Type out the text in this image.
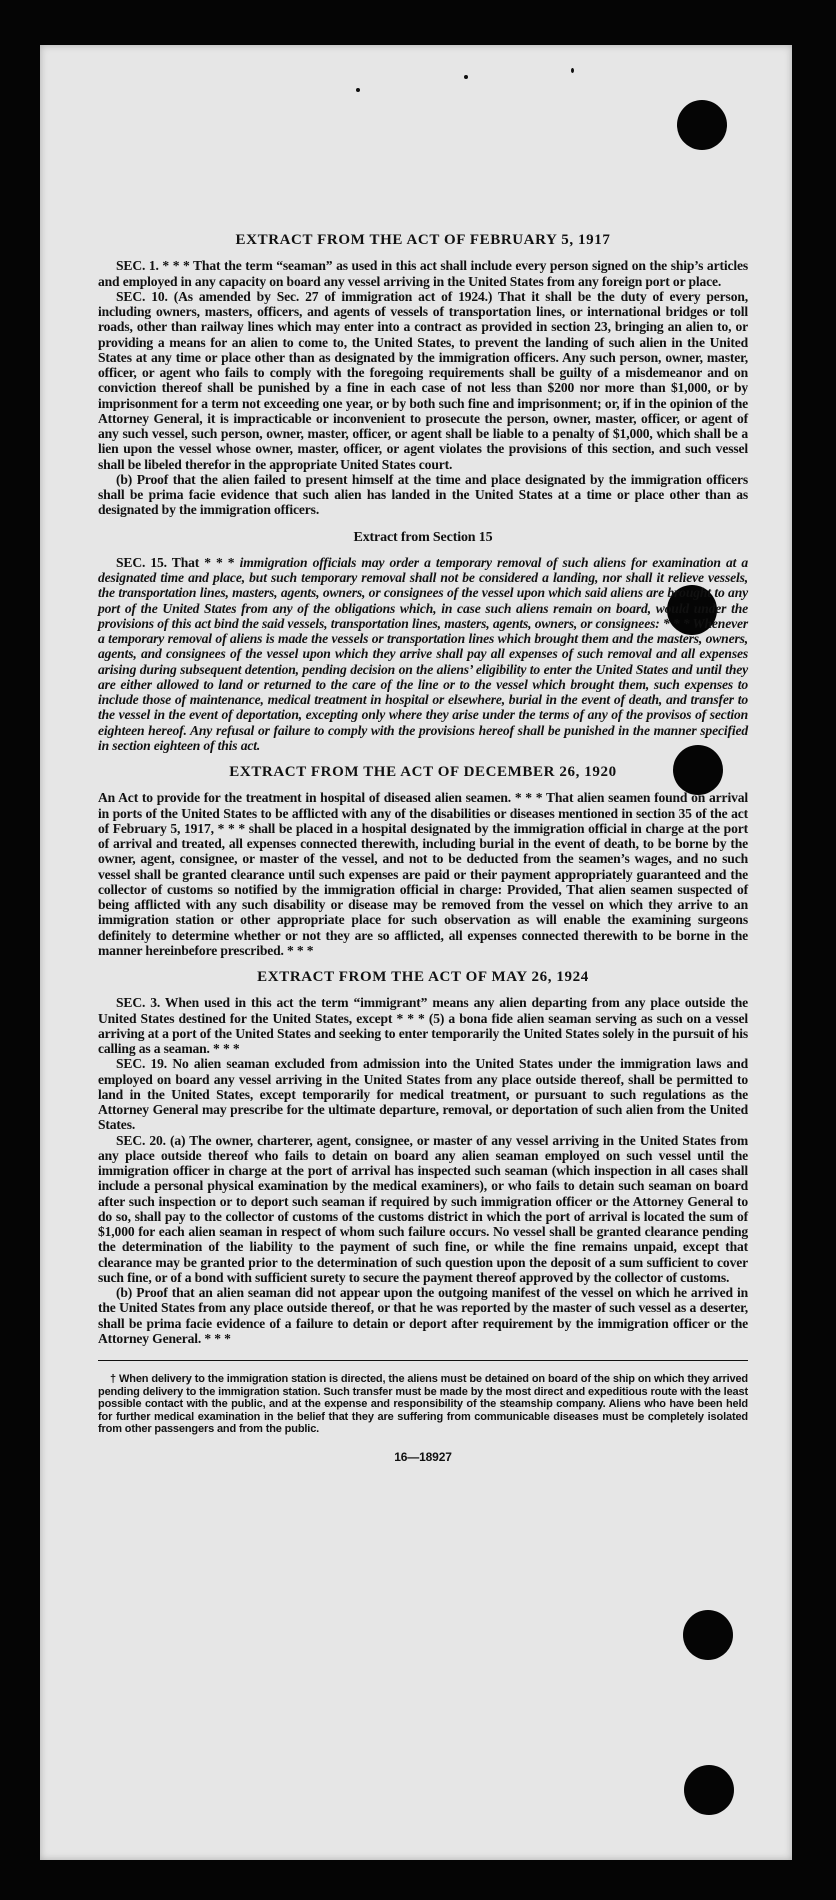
EXTRACT FROM THE ACT OF FEBRUARY 5, 1917

SEC. 1. * * * That the term “seaman” as used in this act shall include every person signed on the ship’s articles and employed in any capacity on board any vessel arriving in the United States from any foreign port or place.

SEC. 10. (As amended by Sec. 27 of immigration act of 1924.) That it shall be the duty of every person, including owners, masters, officers, and agents of vessels of transportation lines, or international bridges or toll roads, other than railway lines which may enter into a contract as provided in section 23, bringing an alien to, or providing a means for an alien to come to, the United States, to prevent the landing of such alien in the United States at any time or place other than as designated by the immigration officers. Any such person, owner, master, officer, or agent who fails to comply with the foregoing requirements shall be guilty of a misdemeanor and on conviction thereof shall be punished by a fine in each case of not less than $200 nor more than $1,000, or by imprisonment for a term not exceeding one year, or by both such fine and imprisonment; or, if in the opinion of the Attorney General, it is impracticable or inconvenient to prosecute the person, owner, master, officer, or agent of any such vessel, such person, owner, master, officer, or agent shall be liable to a penalty of $1,000, which shall be a lien upon the vessel whose owner, master, officer, or agent violates the provisions of this section, and such vessel shall be libeled therefor in the appropriate United States court.

(b) Proof that the alien failed to present himself at the time and place designated by the immigration officers shall be prima facie evidence that such alien has landed in the United States at a time or place other than as designated by the immigration officers.

Extract from Section 15

SEC. 15. That * * * immigration officials may order a temporary removal of such aliens for examination at a designated time and place, but such temporary removal shall not be considered a landing, nor shall it relieve vessels, the transportation lines, masters, agents, owners, or consignees of the vessel upon which said aliens are brought to any port of the United States from any of the obligations which, in case such aliens remain on board, would under the provisions of this act bind the said vessels, transportation lines, masters, agents, owners, or consignees: * * * Whenever a temporary removal of aliens is made the vessels or transportation lines which brought them and the masters, owners, agents, and consignees of the vessel upon which they arrive shall pay all expenses of such removal and all expenses arising during subsequent detention, pending decision on the aliens’ eligibility to enter the United States and until they are either allowed to land or returned to the care of the line or to the vessel which brought them, such expenses to include those of maintenance, medical treatment in hospital or elsewhere, burial in the event of death, and transfer to the vessel in the event of deportation, excepting only where they arise under the terms of any of the provisos of section eighteen hereof. Any refusal or failure to comply with the provisions hereof shall be punished in the manner specified in section eighteen of this act.

EXTRACT FROM THE ACT OF DECEMBER 26, 1920

An Act to provide for the treatment in hospital of diseased alien seamen. * * * That alien seamen found on arrival in ports of the United States to be afflicted with any of the disabilities or diseases mentioned in section 35 of the act of February 5, 1917, * * * shall be placed in a hospital designated by the immigration official in charge at the port of arrival and treated, all expenses connected therewith, including burial in the event of death, to be borne by the owner, agent, consignee, or master of the vessel, and not to be deducted from the seamen’s wages, and no such vessel shall be granted clearance until such expenses are paid or their payment appropriately guaranteed and the collector of customs so notified by the immigration official in charge: Provided, That alien seamen suspected of being afflicted with any such disability or disease may be removed from the vessel on which they arrive to an immigration station or other appropriate place for such observation as will enable the examining surgeons definitely to determine whether or not they are so afflicted, all expenses connected therewith to be borne in the manner hereinbefore prescribed. * * *

EXTRACT FROM THE ACT OF MAY 26, 1924

SEC. 3. When used in this act the term “immigrant” means any alien departing from any place outside the United States destined for the United States, except * * * (5) a bona fide alien seaman serving as such on a vessel arriving at a port of the United States and seeking to enter temporarily the United States solely in the pursuit of his calling as a seaman. * * *

SEC. 19. No alien seaman excluded from admission into the United States under the immigration laws and employed on board any vessel arriving in the United States from any place outside thereof, shall be permitted to land in the United States, except temporarily for medical treatment, or pursuant to such regulations as the Attorney General may prescribe for the ultimate departure, removal, or deportation of such alien from the United States.

SEC. 20. (a) The owner, charterer, agent, consignee, or master of any vessel arriving in the United States from any place outside thereof who fails to detain on board any alien seaman employed on such vessel until the immigration officer in charge at the port of arrival has inspected such seaman (which inspection in all cases shall include a personal physical examination by the medical examiners), or who fails to detain such seaman on board after such inspection or to deport such seaman if required by such immigration officer or the Attorney General to do so, shall pay to the collector of customs of the customs district in which the port of arrival is located the sum of $1,000 for each alien seaman in respect of whom such failure occurs. No vessel shall be granted clearance pending the determination of the liability to the payment of such fine, or while the fine remains unpaid, except that clearance may be granted prior to the determination of such question upon the deposit of a sum sufficient to cover such fine, or of a bond with sufficient surety to secure the payment thereof approved by the collector of customs.

(b) Proof that an alien seaman did not appear upon the outgoing manifest of the vessel on which he arrived in the United States from any place outside thereof, or that he was reported by the master of such vessel as a deserter, shall be prima facie evidence of a failure to detain or deport after requirement by the immigration officer or the Attorney General. * * *

† When delivery to the immigration station is directed, the aliens must be detained on board of the ship on which they arrived pending delivery to the immigration station. Such transfer must be made by the most direct and expeditious route with the least possible contact with the public, and at the expense and responsibility of the steamship company. Aliens who have been held for further medical examination in the belief that they are suffering from communicable diseases must be completely isolated from other passengers and from the public.
16—18927
